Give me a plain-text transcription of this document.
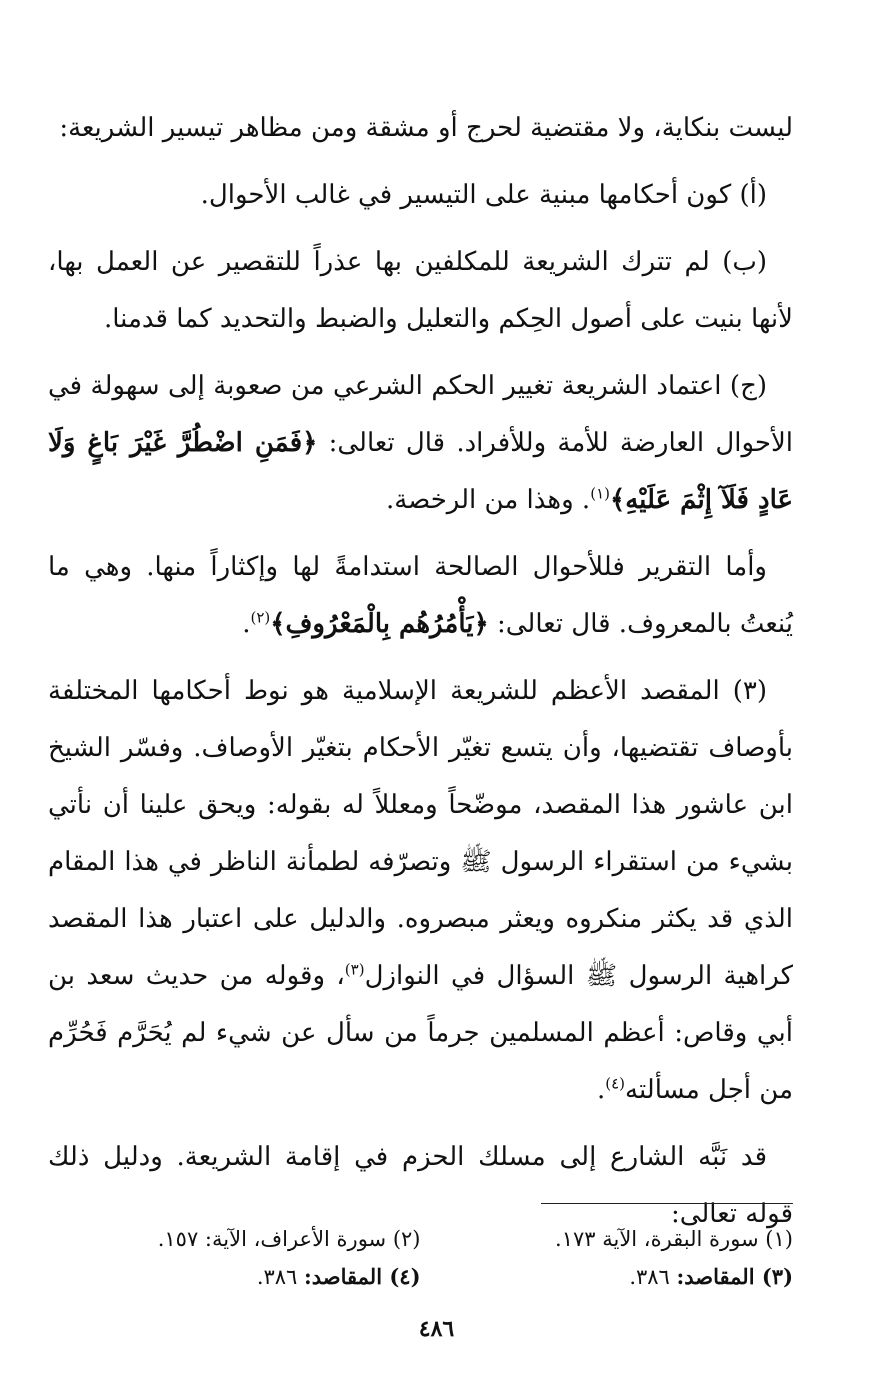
ليست بنكاية، ولا مقتضية لحرج أو مشقة ومن مظاهر تيسير الشريعة:

(أ) كون أحكامها مبنية على التيسير في غالب الأحوال.

(ب) لم تترك الشريعة للمكلفين بها عذراً للتقصير عن العمل بها، لأنها بنيت على أصول الحِكم والتعليل والضبط والتحديد كما قدمنا.

(ج) اعتماد الشريعة تغيير الحكم الشرعي من صعوبة إلى سهولة في الأحوال العارضة للأمة وللأفراد. قال تعالى: ﴿فَمَنِ اضْطُرَّ غَيْرَ بَاغٍ وَلَا عَادٍ فَلَآ إِثْمَ عَلَيْهِ﴾$^{(١)}$. وهذا من الرخصة.

وأما التقرير فللأحوال الصالحة استدامةً لها وإكثاراً منها. وهي ما يُنعتُ بالمعروف. قال تعالى: ﴿يَأْمُرُهُم بِالْمَعْرُوفِ﴾$^{(٢)}$.

(٣) المقصد الأعظم للشريعة الإسلامية هو نوط أحكامها المختلفة بأوصاف تقتضيها، وأن يتسع تغيّر الأحكام بتغيّر الأوصاف. وفسّر الشيخ ابن عاشور هذا المقصد، موضّحاً ومعللاً له بقوله: ويحق علينا أن نأتي بشيء من استقراء الرسول ﷺ وتصرّفه لطمأنة الناظر في هذا المقام الذي قد يكثر منكروه ويعثر مبصروه. والدليل على اعتبار هذا المقصد كراهية الرسول ﷺ السؤال في النوازل$^{(٣)}$، وقوله من حديث سعد بن أبي وقاص: أعظم المسلمين جرماً من سأل عن شيء لم يُحَرَّم فَحُرِّم من أجل مسألته$^{(٤)}$.

قد نَبَّه الشارع إلى مسلك الحزم في إقامة الشريعة. ودليل ذلك قوله تعالى:

(١) سورة البقرة، الآية ١٧٣.
(٢) سورة الأعراف، الآية: ١٥٧.
(٣) المقاصد: ٣٨٦.
(٤) المقاصد: ٣٨٦.
٤٨٦
